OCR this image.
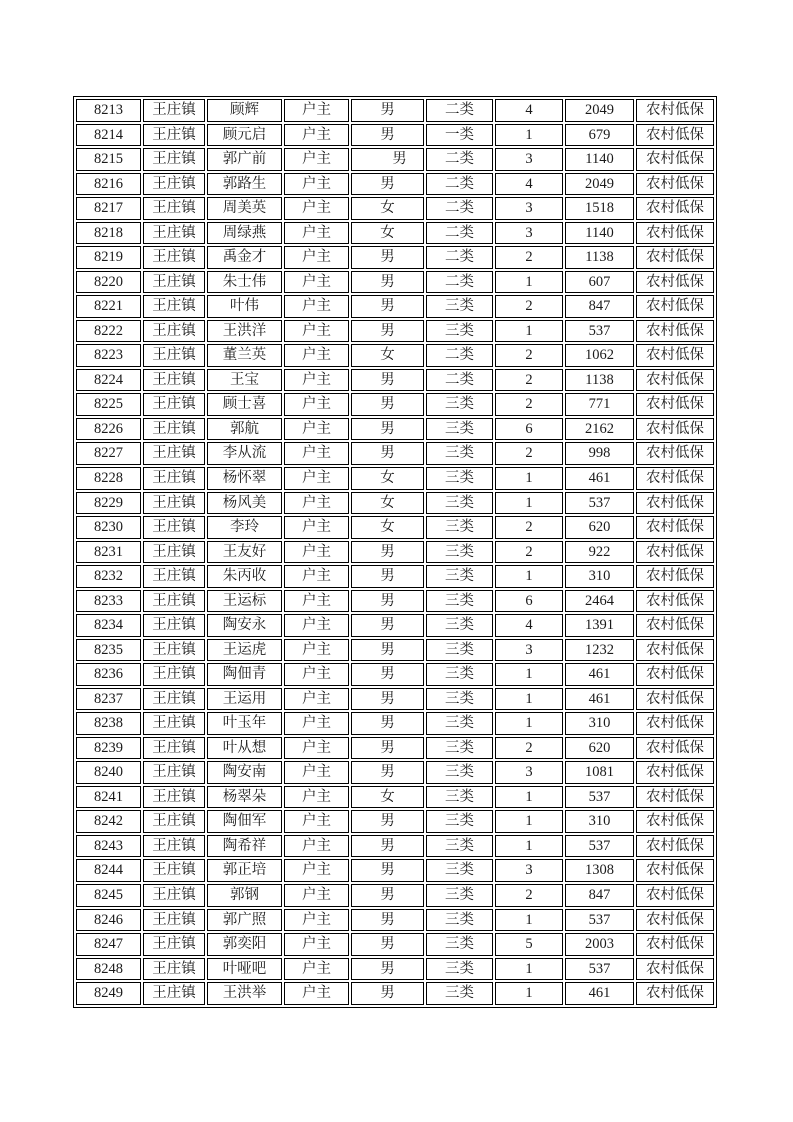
8213	王庄镇	顾辉	户主	男	二类	4	2049	农村低保
8214	王庄镇	顾元启	户主	男	一类	1	679	农村低保
8215	王庄镇	郭广前	户主	男	二类	3	1140	农村低保
8216	王庄镇	郭路生	户主	男	二类	4	2049	农村低保
8217	王庄镇	周美英	户主	女	二类	3	1518	农村低保
8218	王庄镇	周绿燕	户主	女	二类	3	1140	农村低保
8219	王庄镇	禹金才	户主	男	二类	2	1138	农村低保
8220	王庄镇	朱士伟	户主	男	二类	1	607	农村低保
8221	王庄镇	叶伟	户主	男	三类	2	847	农村低保
8222	王庄镇	王洪洋	户主	男	三类	1	537	农村低保
8223	王庄镇	董兰英	户主	女	二类	2	1062	农村低保
8224	王庄镇	王宝	户主	男	二类	2	1138	农村低保
8225	王庄镇	顾士喜	户主	男	三类	2	771	农村低保
8226	王庄镇	郭航	户主	男	三类	6	2162	农村低保
8227	王庄镇	李从流	户主	男	三类	2	998	农村低保
8228	王庄镇	杨怀翠	户主	女	三类	1	461	农村低保
8229	王庄镇	杨风美	户主	女	三类	1	537	农村低保
8230	王庄镇	李玲	户主	女	三类	2	620	农村低保
8231	王庄镇	王友好	户主	男	三类	2	922	农村低保
8232	王庄镇	朱丙收	户主	男	三类	1	310	农村低保
8233	王庄镇	王运标	户主	男	三类	6	2464	农村低保
8234	王庄镇	陶安永	户主	男	三类	4	1391	农村低保
8235	王庄镇	王运虎	户主	男	三类	3	1232	农村低保
8236	王庄镇	陶佃青	户主	男	三类	1	461	农村低保
8237	王庄镇	王运用	户主	男	三类	1	461	农村低保
8238	王庄镇	叶玉年	户主	男	三类	1	310	农村低保
8239	王庄镇	叶从想	户主	男	三类	2	620	农村低保
8240	王庄镇	陶安南	户主	男	三类	3	1081	农村低保
8241	王庄镇	杨翠朵	户主	女	三类	1	537	农村低保
8242	王庄镇	陶佃军	户主	男	三类	1	310	农村低保
8243	王庄镇	陶希祥	户主	男	三类	1	537	农村低保
8244	王庄镇	郭正培	户主	男	三类	3	1308	农村低保
8245	王庄镇	郭钢	户主	男	三类	2	847	农村低保
8246	王庄镇	郭广照	户主	男	三类	1	537	农村低保
8247	王庄镇	郭奕阳	户主	男	三类	5	2003	农村低保
8248	王庄镇	叶哑吧	户主	男	三类	1	537	农村低保
8249	王庄镇	王洪举	户主	男	三类	1	461	农村低保
